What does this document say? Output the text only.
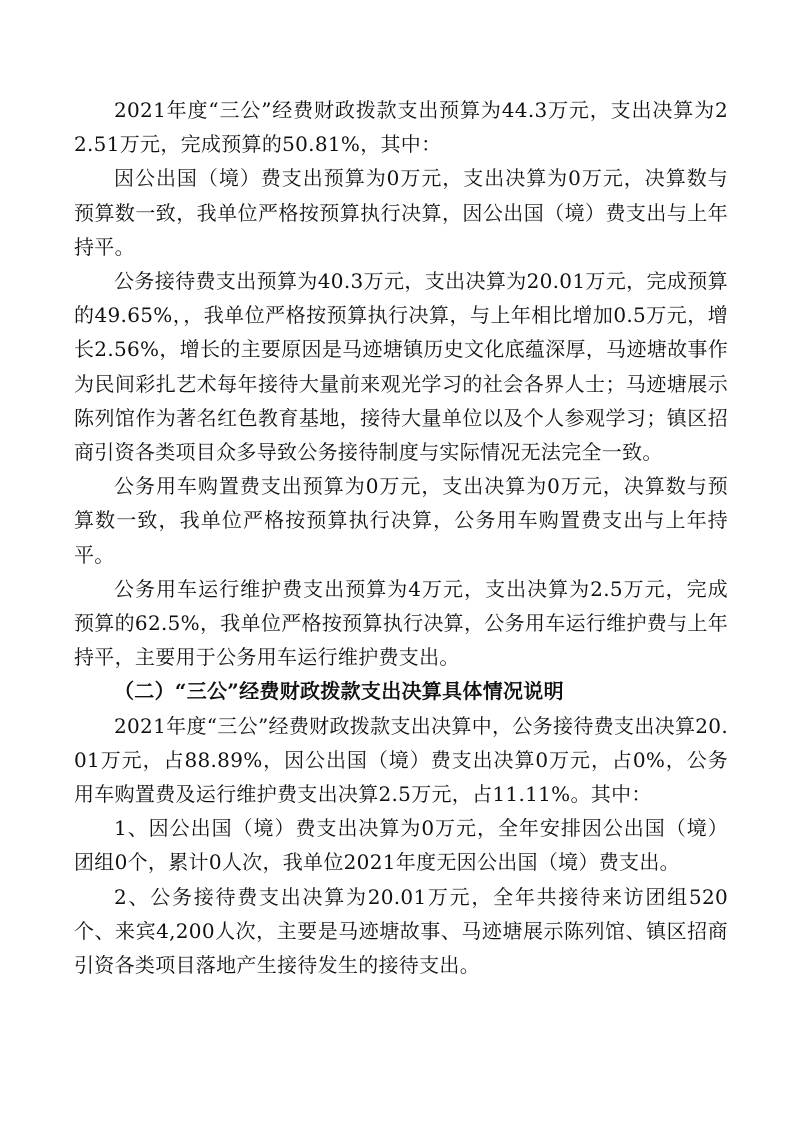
2021年度“三公”经费财政拨款支出预算为44.3万元，支出决算为22.51万元，完成预算的50.81%，其中：

因公出国（境）费支出预算为0万元，支出决算为0万元，决算数与预算数一致，我单位严格按预算执行决算，因公出国（境）费支出与上年持平。

公务接待费支出预算为40.3万元，支出决算为20.01万元，完成预算的49.65%，，我单位严格按预算执行决算，与上年相比增加0.5万元，增长2.56%，增长的主要原因是马迹塘镇历史文化底蕴深厚，马迹塘故事作为民间彩扎艺术每年接待大量前来观光学习的社会各界人士；马迹塘展示陈列馆作为著名红色教育基地，接待大量单位以及个人参观学习；镇区招商引资各类项目众多导致公务接待制度与实际情况无法完全一致。

公务用车购置费支出预算为0万元，支出决算为0万元，决算数与预算数一致，我单位严格按预算执行决算，公务用车购置费支出与上年持平。

公务用车运行维护费支出预算为4万元，支出决算为2.5万元，完成预算的62.5%，我单位严格按预算执行决算，公务用车运行维护费与上年持平，主要用于公务用车运行维护费支出。

（二）“三公”经费财政拨款支出决算具体情况说明

2021年度“三公”经费财政拨款支出决算中，公务接待费支出决算20.01万元，占88.89%，因公出国（境）费支出决算0万元，占0%，公务用车购置费及运行维护费支出决算2.5万元，占11.11%。其中：

1、因公出国（境）费支出决算为0万元，全年安排因公出国（境）团组0个，累计0人次，我单位2021年度无因公出国（境）费支出。

2、公务接待费支出决算为20.01万元，全年共接待来访团组520个、来宾4,200人次，主要是马迹塘故事、马迹塘展示陈列馆、镇区招商引资各类项目落地产生接待发生的接待支出。
